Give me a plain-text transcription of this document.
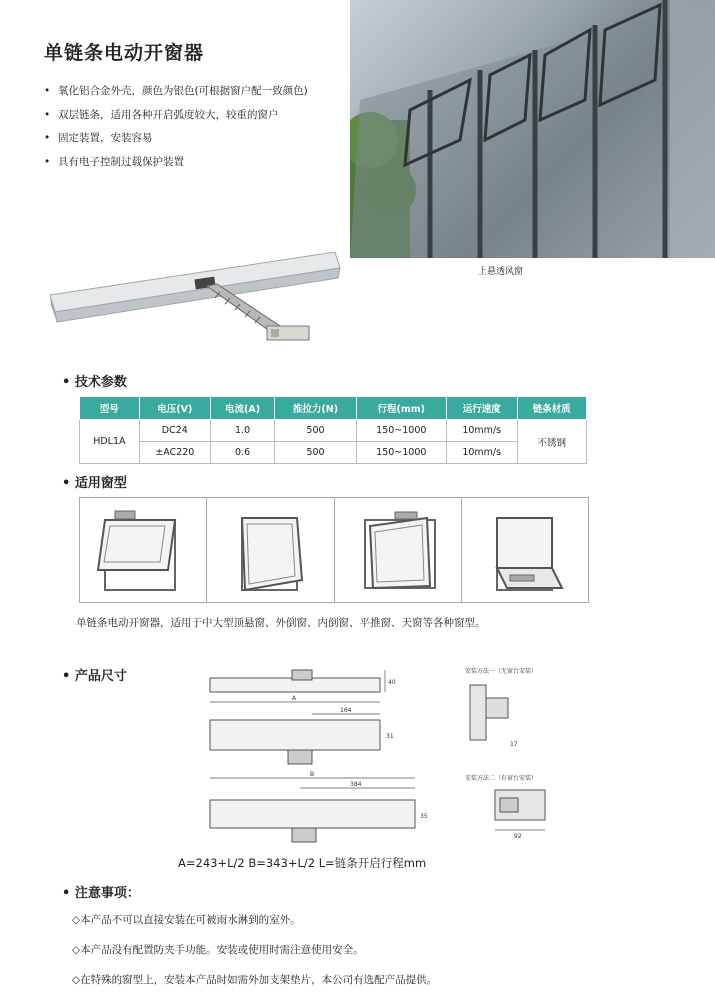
单链条电动开窗器
• 氧化铝合金外壳，颜色为银色(可根据窗户配一致颜色)
• 双层链条，适用各种开启弧度较大，较重的窗户
• 固定装置，安装容易
• 具有电子控制过载保护装置
上悬透风窗
• 技术参数
型号	电压(V)	电流(A)	推拉力(N)	行程(mm)	运行速度	链条材质
HDL1A	DC24	1.0	500	150~1000	10mm/s	不锈钢
	±AC220	0.6	500	150~1000	10mm/s	
• 适用窗型
单链条电动开窗器，适用于中大型顶悬窗、外倒窗、内倒窗、平推窗、天窗等各种窗型。
• 产品尺寸
A
40
164
31
B
384
35
安装方法一（无窗台安装）
17
安装方法二（有窗台安装）
92
A=243+L/2 B=343+L/2 L=链条开启行程mm
• 注意事项：
◇本产品不可以直接安装在可被雨水淋到的室外。
◇本产品没有配置防夹手功能。安装或使用时需注意使用安全。
◇在特殊的窗型上，安装本产品时如需外加支架垫片，本公司有选配产品提供。
